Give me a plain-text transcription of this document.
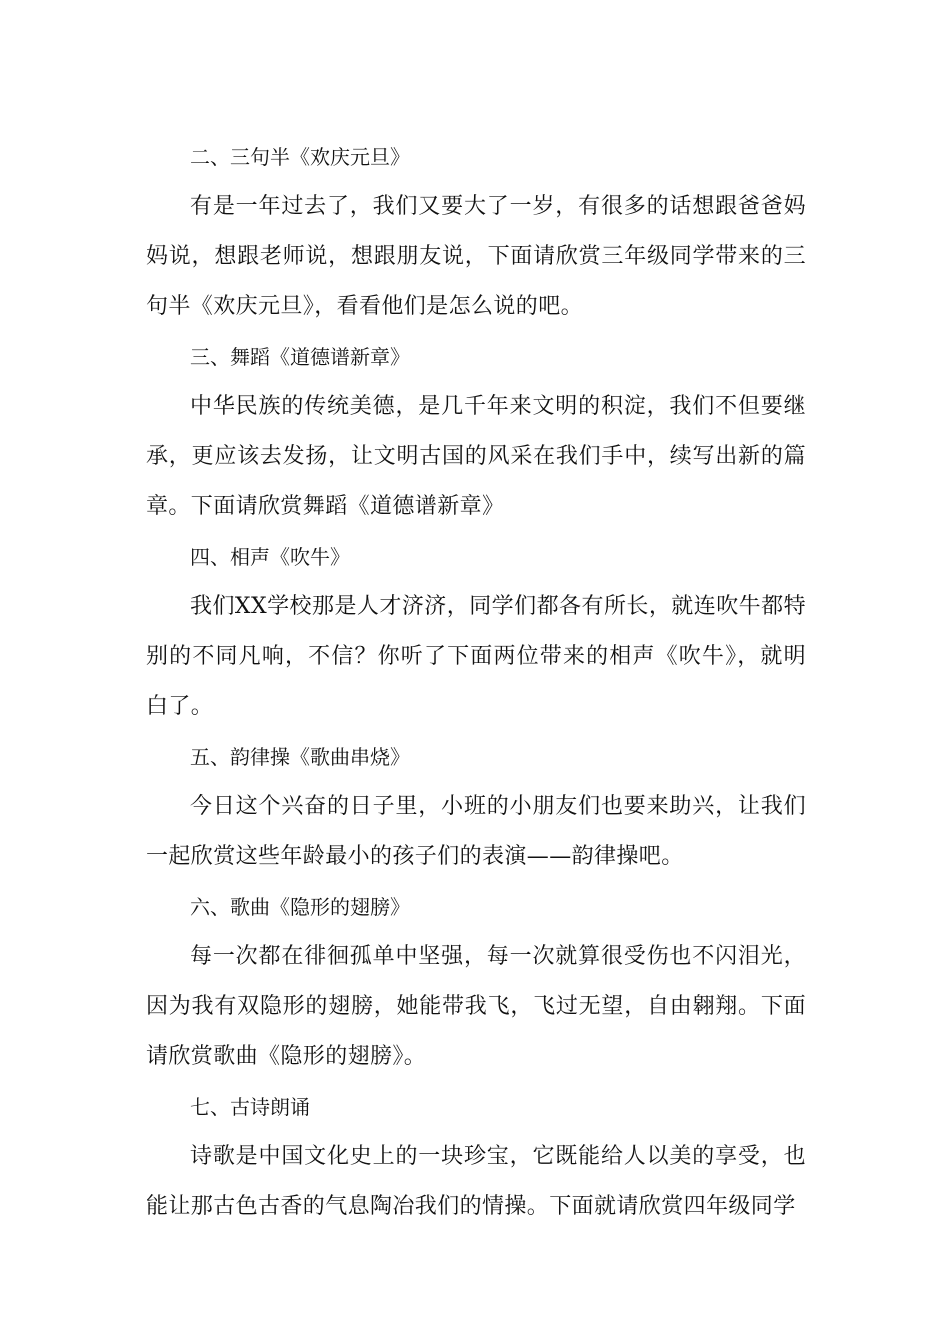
二、三句半《欢庆元旦》

有是一年过去了，我们又要大了一岁，有很多的话想跟爸爸妈妈说，想跟老师说，想跟朋友说，下面请欣赏三年级同学带来的三句半《欢庆元旦》，看看他们是怎么说的吧。

三、舞蹈《道德谱新章》

中华民族的传统美德，是几千年来文明的积淀，我们不但要继承，更应该去发扬，让文明古国的风采在我们手中，续写出新的篇章。下面请欣赏舞蹈《道德谱新章》

四、相声《吹牛》

我们XX学校那是人才济济，同学们都各有所长，就连吹牛都特别的不同凡响，不信？你听了下面两位带来的相声《吹牛》，就明白了。

五、韵律操《歌曲串烧》

今日这个兴奋的日子里，小班的小朋友们也要来助兴，让我们一起欣赏这些年龄最小的孩子们的表演——韵律操吧。

六、歌曲《隐形的翅膀》

每一次都在徘徊孤单中坚强，每一次就算很受伤也不闪泪光，因为我有双隐形的翅膀，她能带我飞，飞过无望，自由翱翔。下面请欣赏歌曲《隐形的翅膀》。

七、古诗朗诵

诗歌是中国文化史上的一块珍宝，它既能给人以美的享受，也能让那古色古香的气息陶冶我们的情操。下面就请欣赏四年级同学
